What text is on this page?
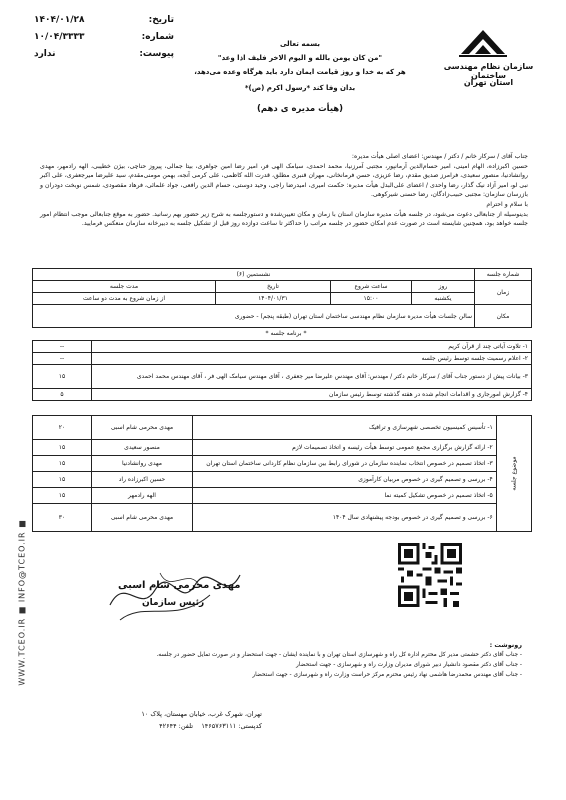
سازمان نظام مهندسی ساختمان
استان تهران
بسمه تعالی
"من کان یومن بالله و الیوم الاخر فلیف اذا وعد"
هر که به خدا و روز قیامت ایمان دارد باید هرگاه وعده می‌دهد،
بدان وفا کند *رسول اکرم (ص)*
(هیأت مدیره ی دهم)
تاریخ:
۱۴۰۴/۰۱/۲۸
شماره:
۱۰/۰۴/۳۳۳۳
پیوست:
ندارد
WWW.TCEO.IR ■ INFO@TCEO.IR ■
جناب آقای / سرکار خانم / دکتر / مهندس: اعضای اصلی هیأت مدیره:
حسین اکبرزاده، الهام امینی، امیر حسام‌الدین آرمانپور، مجتبی آمرزنیا، محمد احمدی، سیامک الهی فر، امیر رضا امین جواهری، بیتا جمالی، پیروز حناچی، بیژن خطیبی، الهه راد‌مهر، مهدی روانشادنیا، منصور سعیدی، فرامرز صدیق مقدم، رضا عزیزی، حسن فرمانخانی، مهران قنبری مطلق، قدرت الله کاظمی، علی کرمی آنجه، بهمن مومنی‌مقدم، سید علیرضا میرجعفری، علی اکبر نبی لو، امیر آزاد نیک گذار، رضا واحدی / اعضای علی‌البدل هیأت مدیره: حکمت امیری، امیدرضا راجی، وحید دوستی، حسام الدین رافعی، جواد علمائی، فرهاد مقصودی، شمس نوبخت دودران و بازرسان سازمان: مجتبی حبیب‌زادگان، رضا حسنی شیرکوهی.
با سلام و احترام
بدینوسیله از جنابعالی دعوت می‌شود، در جلسه هیأت مدیره سازمان استان با زمان و مکان تعیین‌شده و دستورجلسه به شرح زیر حضور بهم رسانید. حضور به موقع جنابعالی موجب انتظام امور جلسه خواهد بود، همچنین شایسته است در صورت عدم امکان حضور در جلسه مراتب را حداکثر تا ساعت دوازده روز قبل از تشکیل جلسه به دبیرخانه سازمان منعکس فرمایید.
شماره جلسه	نشستمین (۶)			
زمان	روز	ساعت شروع	تاریخ	مدت جلسه
	یکشنبه	۱۵:۰۰	۱۴۰۴/۰۱/۳۱	از زمان شروع به مدت دو ساعت
مکان	سالن جلسات هیأت مدیره سازمان نظام مهندسی ساختمان استان تهران (طبقه پنجم) - حضوری			
* برنامه جلسه *
۱- تلاوت آیاتی چند از قرآن کریم	--
۲- اعلام رسمیت جلسه توسط رئیس جلسه	--
۳- بیانات پیش از دستور جناب آقای / سرکار خانم دکتر / مهندس: آقای مهندس علیرضا میر جعفری ، آقای مهندس سیامک الهی فر ، آقای مهندس محمد احمدی	۱۵
۴- گزارش امورجاری و اقدامات انجام شده در هفته گذشته توسط رئیس سازمان	۵
موضوع جلسه	۱- تأسیس کمیسیون تخصصی شهرسازی و ترافیک	مهدی محرمی شام اسبی	۲۰
	۲- ارائه گزارش برگزاری مجمع عمومی توسط هیأت رئیسه و اتخاذ تصمیمات لازم	منصور سعیدی	۱۵
	۳- اتخاذ تصمیم در خصوص انتخاب نماینده سازمان در شورای رابط بین سازمان نظام کاردانی ساختمان استان تهران	مهدی روانشادنیا	۱۵
	۴- بررسی و تصمیم گیری در خصوص مربیان کارآموزی	حسین اکبرزاده راد	۱۵
	۵- اتخاذ تصمیم در خصوص تشکیل کمیته نما	الهه رادمهر	۱۵
	۶- بررسی و تصمیم گیری در خصوص بودجه پیشنهادی سال ۱۴۰۴	مهدی محرمی شام اسبی	۳۰
مهدی محرمی شام اسبی
رئیس سازمان
رونوشت :
- جناب آقای دکتر حشمتی مدیر کل محترم اداره کل راه و شهرسازی استان تهران و با نماینده ایشان - جهت استحضار و در صورت تمایل حضور در جلسه.
- جناب آقای دکتر مقصود دانشیار دبیر شورای مدیران وزارت راه و شهرسازی - جهت استحضار
- جناب آقای مهندس محمدرضا هاشمی نهاد رئیس محترم مرکز حراست وزارت راه و شهرسازی - جهت استحضار
تهران، شهرک غرب، خیابان مهستان، پلاک ۱۰
کدپستی: ۱۴۶۵۷۶۳۱۱۱    تلفن: ۴۲۶۴۴
